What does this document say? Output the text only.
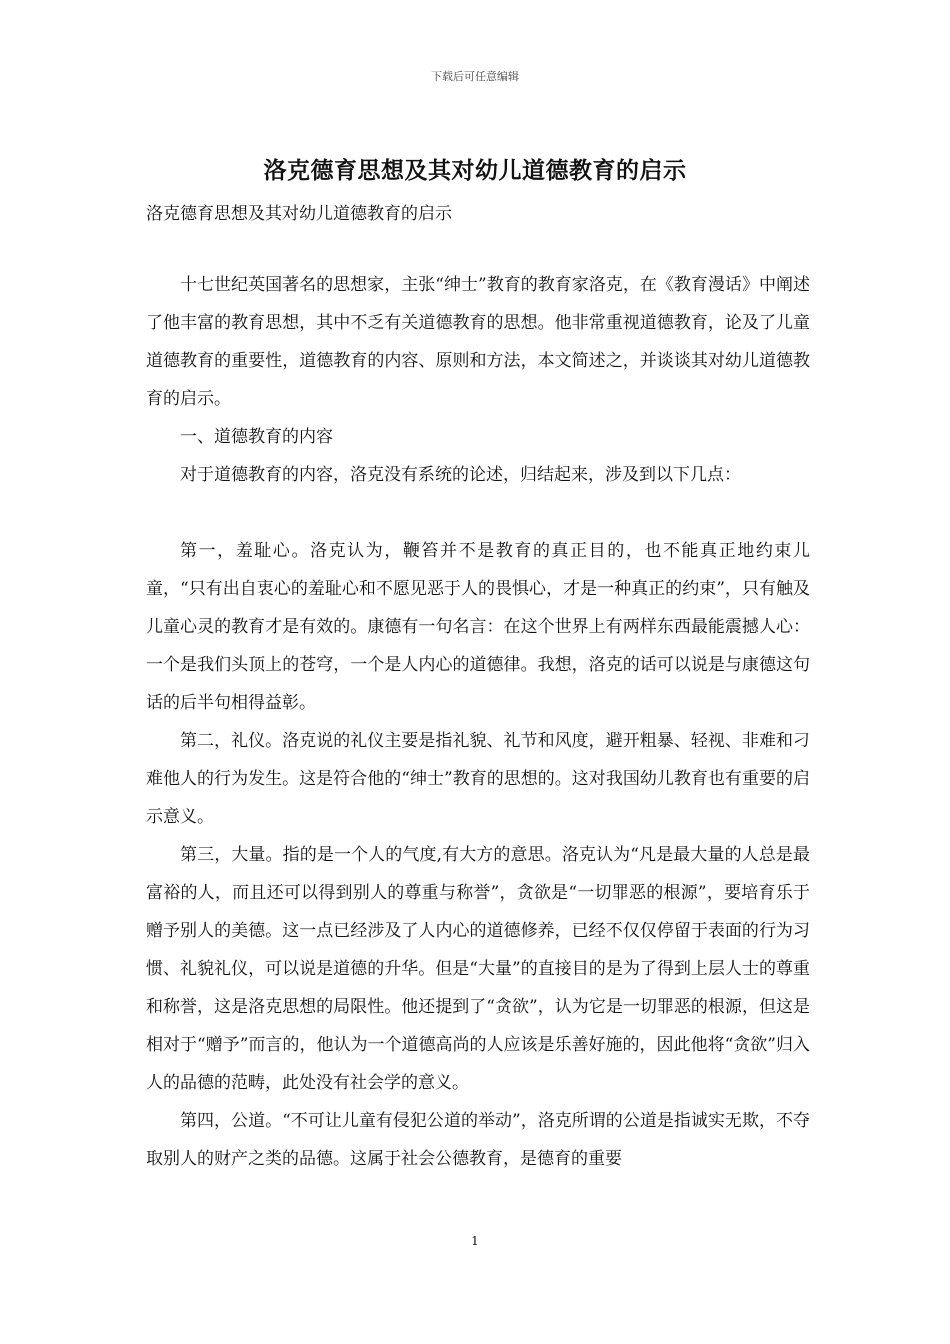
下载后可任意编辑
洛克德育思想及其对幼儿道德教育的启示
洛克德育思想及其对幼儿道德教育的启示

十七世纪英国著名的思想家，主张“绅士”教育的教育家洛克，在《教育漫话》中阐述了他丰富的教育思想，其中不乏有关道德教育的思想。他非常重视道德教育，论及了儿童道德教育的重要性，道德教育的内容、原则和方法，本文简述之，并谈谈其对幼儿道德教育的启示。

一、道德教育的内容

对于道德教育的内容，洛克没有系统的论述，归结起来，涉及到以下几点：

第一，羞耻心。洛克认为，鞭笞并不是教育的真正目的，也不能真正地约束儿童，“只有出自衷心的羞耻心和不愿见恶于人的畏惧心，才是一种真正的约束”，只有触及儿童心灵的教育才是有效的。康德有一句名言：在这个世界上有两样东西最能震撼人心：一个是我们头顶上的苍穹，一个是人内心的道德律。我想，洛克的话可以说是与康德这句话的后半句相得益彰。

第二，礼仪。洛克说的礼仪主要是指礼貌、礼节和风度，避开粗暴、轻视、非难和刁难他人的行为发生。这是符合他的“绅士”教育的思想的。这对我国幼儿教育也有重要的启示意义。

第三，大量。指的是一个人的气度,有大方的意思。洛克认为“凡是最大量的人总是最富裕的人，而且还可以得到别人的尊重与称誉”，贪欲是“一切罪恶的根源”，要培育乐于赠予别人的美德。这一点已经涉及了人内心的道德修养，已经不仅仅停留于表面的行为习惯、礼貌礼仪，可以说是道德的升华。但是“大量”的直接目的是为了得到上层人士的尊重和称誉，这是洛克思想的局限性。他还提到了“贪欲”，认为它是一切罪恶的根源，但这是相对于“赠予”而言的，他认为一个道德高尚的人应该是乐善好施的，因此他将“贪欲”归入人的品德的范畴，此处没有社会学的意义。

第四，公道。“不可让儿童有侵犯公道的举动”，洛克所谓的公道是指诚实无欺，不夺取别人的财产之类的品德。这属于社会公德教育，是德育的重要

1
